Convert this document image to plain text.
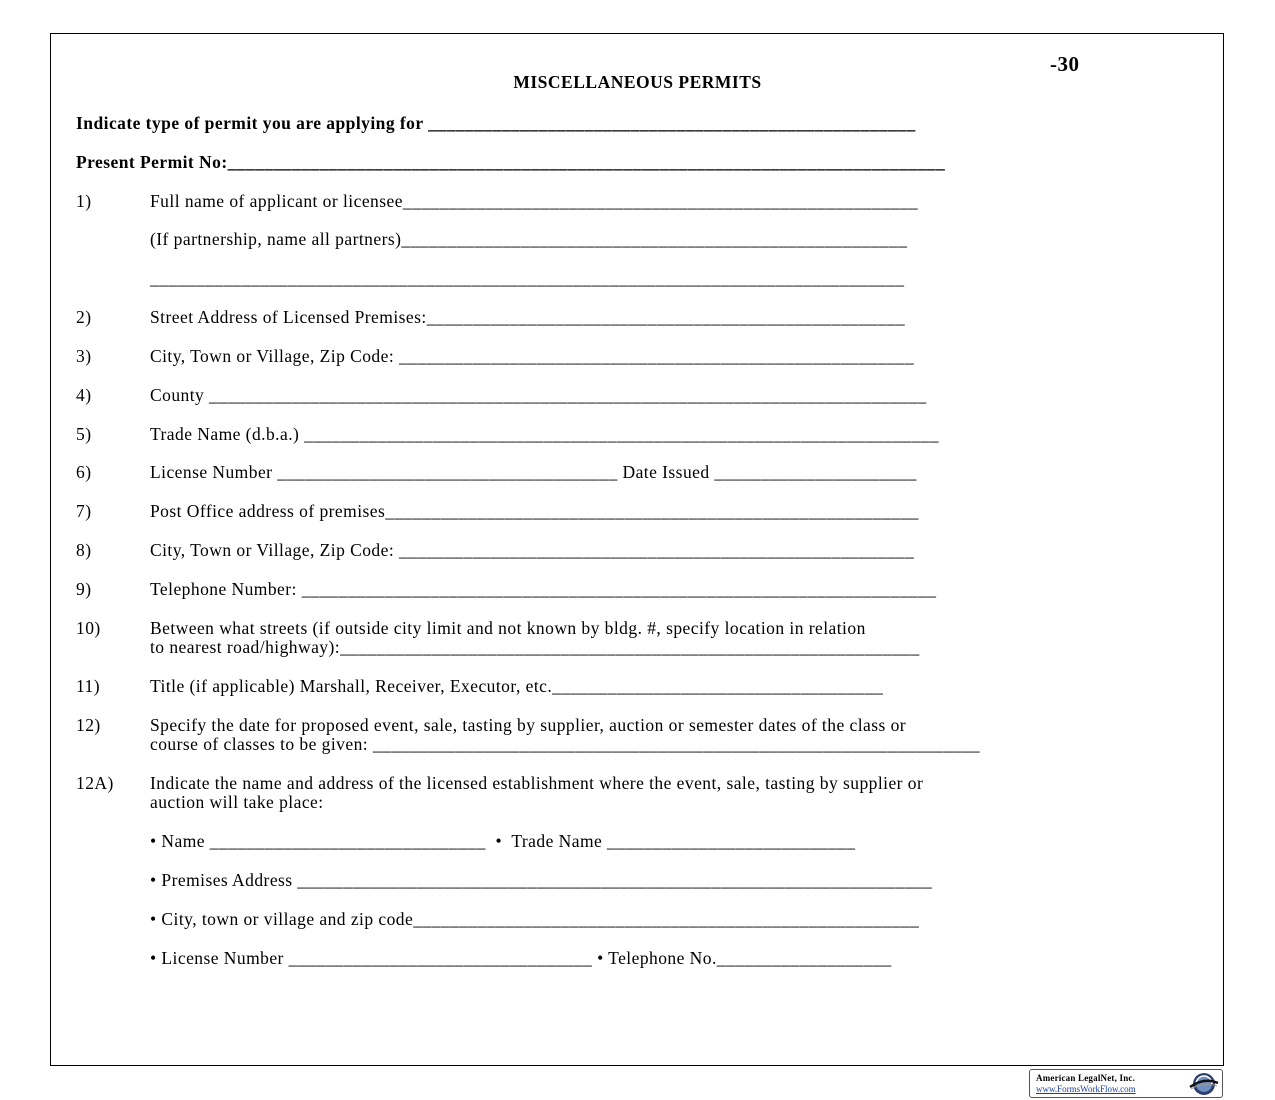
-30
MISCELLANEOUS PERMITS
Indicate type of permit you are applying for _____________________________________________________
Present Permit No:______________________________________________________________________________
1)	Full name of applicant or licensee________________________________________________________
(If partnership, name all partners)_______________________________________________________
__________________________________________________________________________________
2)	Street Address of Licensed Premises:____________________________________________________
3)	City, Town or Village, Zip Code: ________________________________________________________
4)	County ______________________________________________________________________________
5)	Trade Name (d.b.a.) _____________________________________________________________________
6)	License Number _____________________________________ Date Issued ______________________
7)	Post Office address of premises__________________________________________________________
8)	City, Town or Village, Zip Code: ________________________________________________________
9)	Telephone Number: _____________________________________________________________________
10)	Between what streets (if outside city limit and not known by bldg. #, specify location in relation
to nearest road/highway):_______________________________________________________________
11)	Title (if applicable) Marshall, Receiver, Executor, etc.____________________________________
12)	Specify the date for proposed event, sale, tasting by supplier, auction or semester dates of the class or
course of classes to be given: __________________________________________________________________
12A) Indicate the name and address of the licensed establishment where the event, sale, tasting by supplier or
auction will take place:
• Name ______________________________  •  Trade Name ___________________________
• Premises Address _____________________________________________________________________
• City, town or village and zip code_______________________________________________________
• License Number _________________________________ • Telephone No.___________________
American LegalNet, Inc.
www.FormsWorkFlow.com
